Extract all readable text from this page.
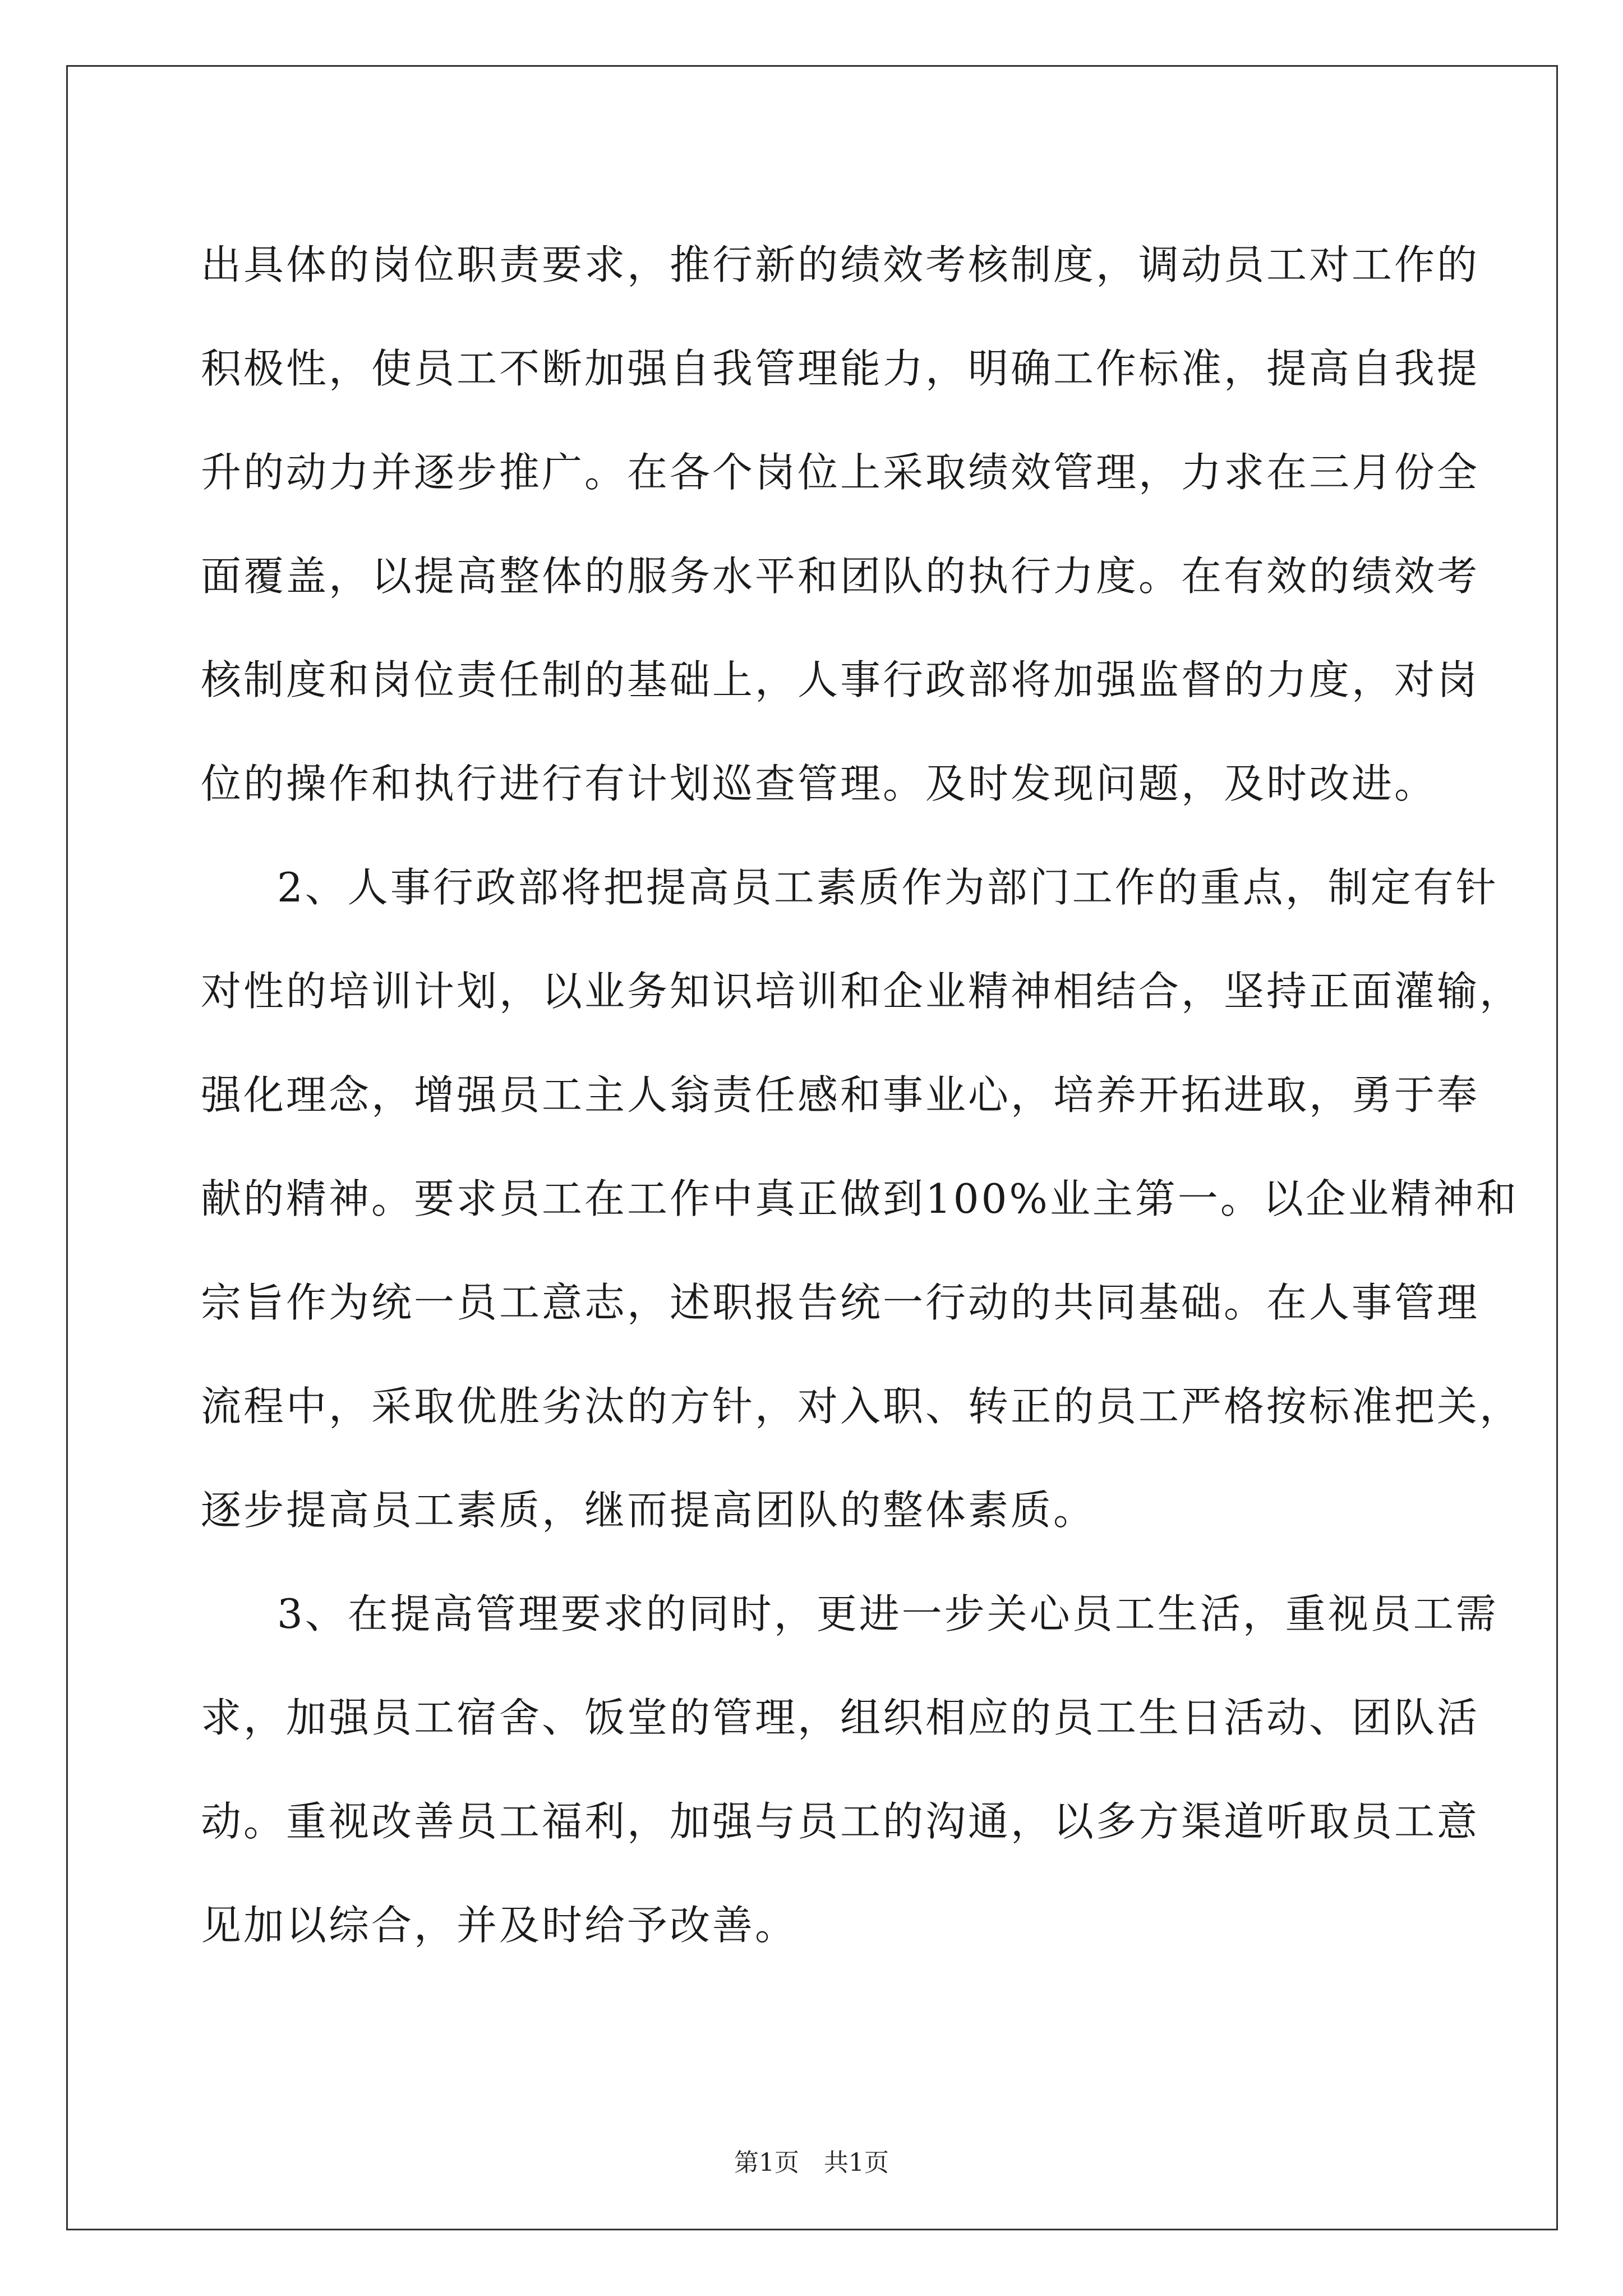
出具体的岗位职责要求，推行新的绩效考核制度，调动员工对工作的
积极性，使员工不断加强自我管理能力，明确工作标准，提高自我提
升的动力并逐步推广。在各个岗位上采取绩效管理，力求在三月份全
面覆盖，以提高整体的服务水平和团队的执行力度。在有效的绩效考
核制度和岗位责任制的基础上，人事行政部将加强监督的力度，对岗
位的操作和执行进行有计划巡查管理。及时发现问题，及时改进。
2、人事行政部将把提高员工素质作为部门工作的重点，制定有针
对性的培训计划，以业务知识培训和企业精神相结合，坚持正面灌输，
强化理念，增强员工主人翁责任感和事业心，培养开拓进取，勇于奉
献的精神。要求员工在工作中真正做到100%业主第一。以企业精神和
宗旨作为统一员工意志，述职报告统一行动的共同基础。在人事管理
流程中，采取优胜劣汰的方针，对入职、转正的员工严格按标准把关，
逐步提高员工素质，继而提高团队的整体素质。
3、在提高管理要求的同时，更进一步关心员工生活，重视员工需
求，加强员工宿舍、饭堂的管理，组织相应的员工生日活动、团队活
动。重视改善员工福利，加强与员工的沟通，以多方渠道听取员工意
见加以综合，并及时给予改善。
第1页　共1页
